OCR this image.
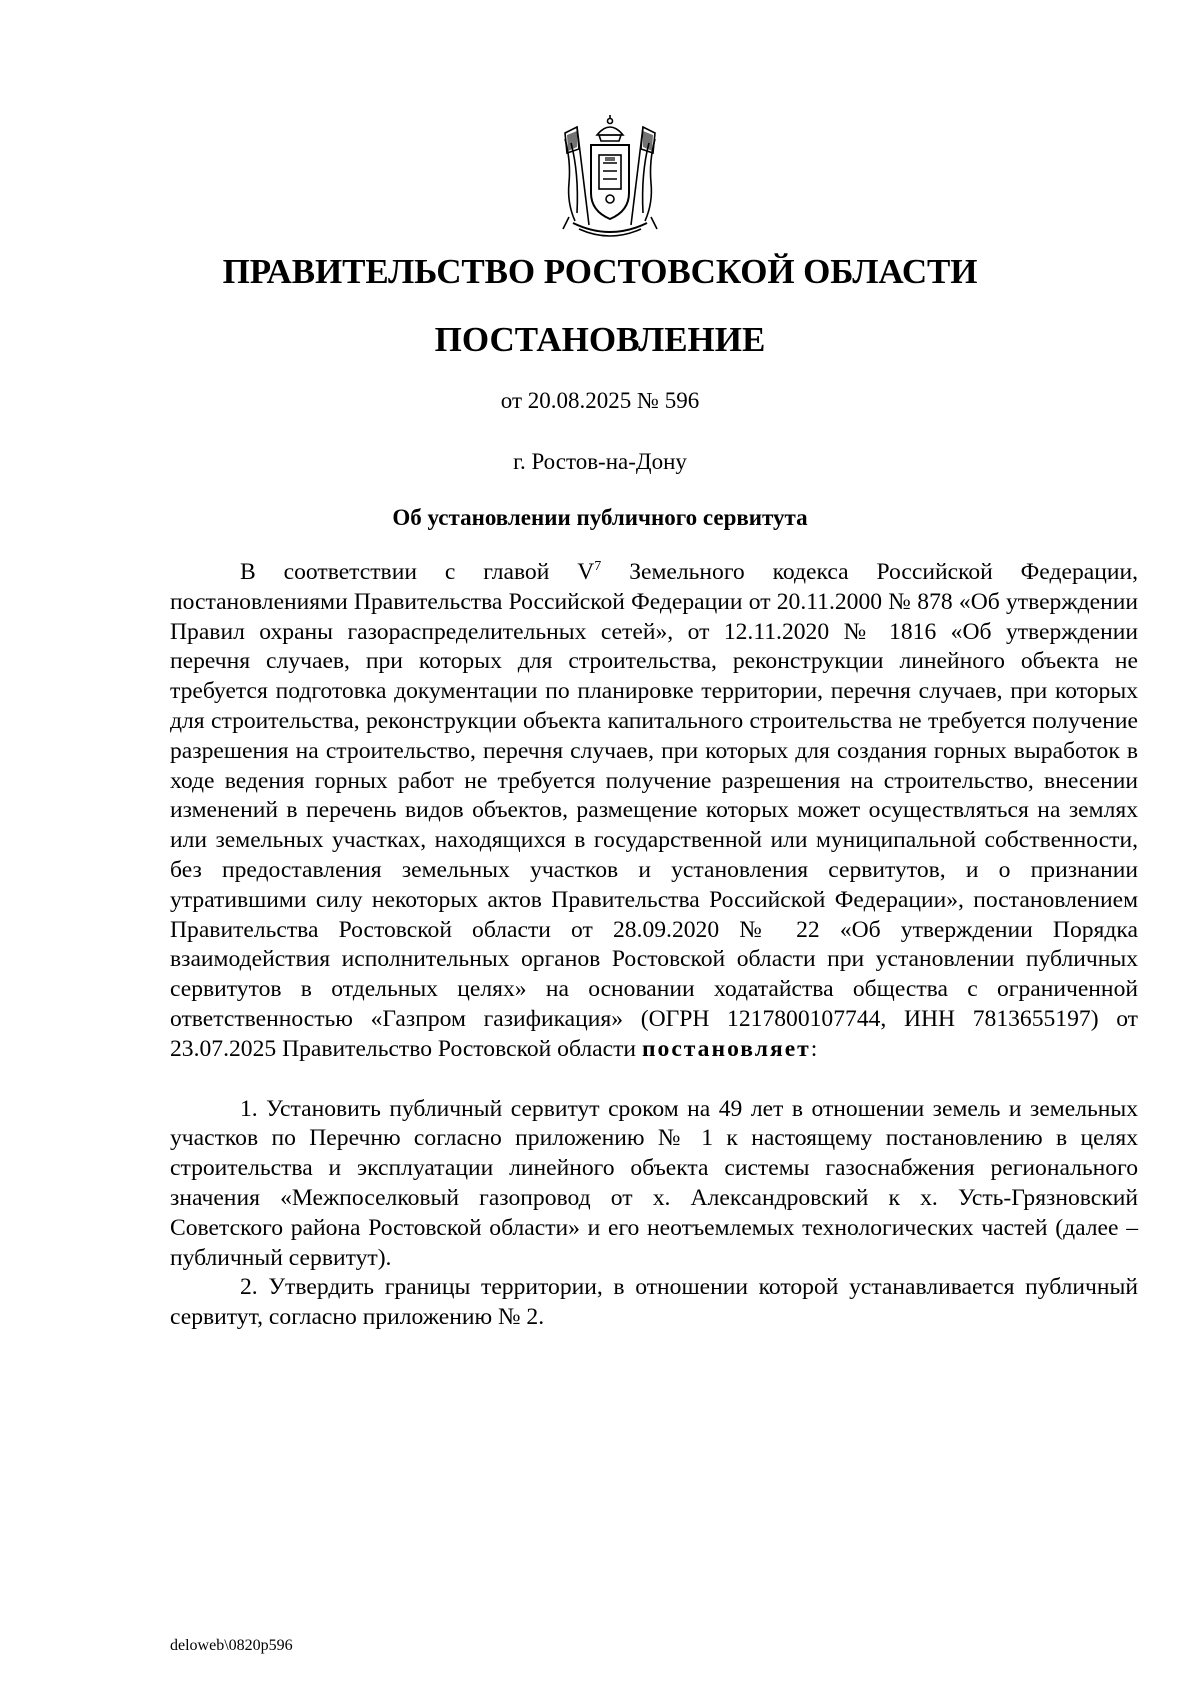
ПРАВИТЕЛЬСТВО РОСТОВСКОЙ ОБЛАСТИ
ПОСТАНОВЛЕНИЕ
от 20.08.2025 № 596
г. Ростов-на-Дону
Об установлении публичного сервитута

В соответствии с главой $V^7$ Земельного кодекса Российской Федерации, постановлениями Правительства Российской Федерации от 20.11.2000 № 878 «Об утверждении Правил охраны газораспределительных сетей», от 12.11.2020 № 1816 «Об утверждении перечня случаев, при которых для строительства, реконструкции линейного объекта не требуется подготовка документации по планировке территории, перечня случаев, при которых для строительства, реконструкции объекта капитального строительства не требуется получение разрешения на строительство, перечня случаев, при которых для создания горных выработок в ходе ведения горных работ не требуется получение разрешения на строительство, внесении изменений в перечень видов объектов, размещение которых может осуществляться на землях или земельных участках, находящихся в государственной или муниципальной собственности, без предоставления земельных участков и установления сервитутов, и о признании утратившими силу некоторых актов Правительства Российской Федерации», постановлением Правительства Ростовской области от 28.09.2020 № 22 «Об утверждении Порядка взаимодействия исполнительных органов Ростовской области при установлении публичных сервитутов в отдельных целях» на основании ходатайства общества с ограниченной ответственностью «Газпром газификация» (ОГРН 1217800107744, ИНН 7813655197) от 23.07.2025 Правительство Ростовской области постановляет:

1. Установить публичный сервитут сроком на 49 лет в отношении земель и земельных участков по Перечню согласно приложению № 1 к настоящему постановлению в целях строительства и эксплуатации линейного объекта системы газоснабжения регионального значения «Межпоселковый газопровод от х. Александровский к х. Усть-Грязновский Советского района Ростовской области» и его неотъемлемых технологических частей (далее – публичный сервитут).

2. Утвердить границы территории, в отношении которой устанавливается публичный сервитут, согласно приложению № 2.

deloweb\0820p596
